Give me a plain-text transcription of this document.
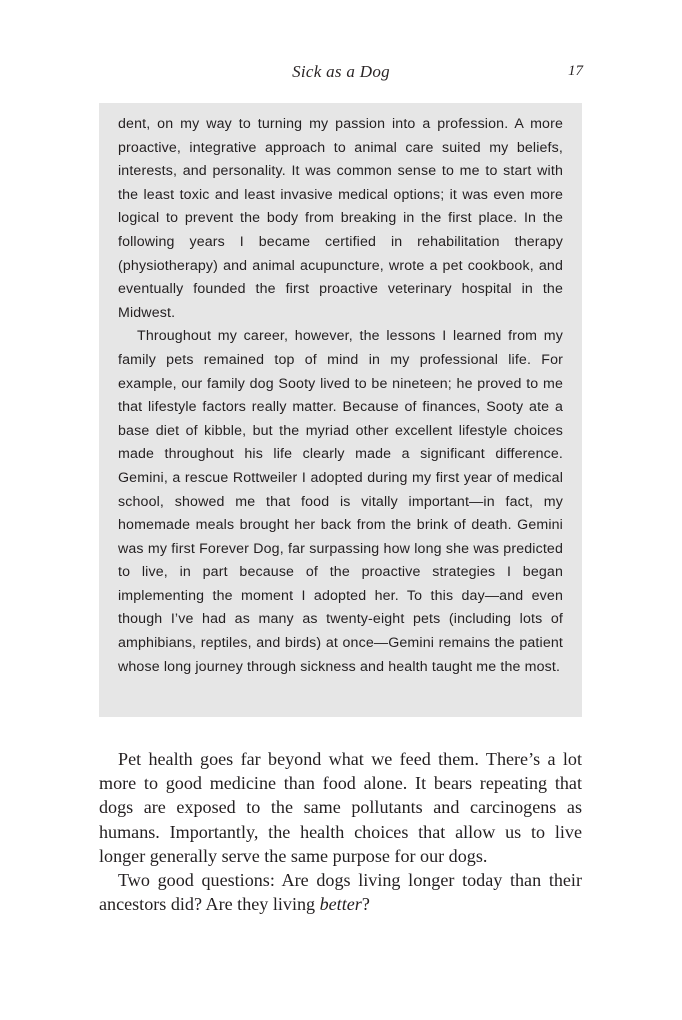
Sick as a Dog	17

dent, on my way to turning my passion into a profession. A more proactive, integrative approach to animal care suited my beliefs, interests, and personality. It was common sense to me to start with the least toxic and least invasive medical options; it was even more logical to prevent the body from breaking in the first place. In the following years I became certified in rehabilitation therapy (physiotherapy) and animal acupuncture, wrote a pet cookbook, and eventually founded the first proactive veterinary hospital in the Midwest.

Throughout my career, however, the lessons I learned from my family pets remained top of mind in my professional life. For example, our family dog Sooty lived to be nineteen; he proved to me that lifestyle factors really matter. Because of finances, Sooty ate a base diet of kibble, but the myriad other excellent lifestyle choices made throughout his life clearly made a significant difference. Gemini, a rescue Rottweiler I adopted during my first year of medical school, showed me that food is vitally important—in fact, my homemade meals brought her back from the brink of death. Gemini was my first Forever Dog, far surpassing how long she was predicted to live, in part because of the proactive strategies I began implementing the moment I adopted her. To this day—and even though I’ve had as many as twenty-eight pets (including lots of amphibians, reptiles, and birds) at once—Gemini remains the patient whose long journey through sickness and health taught me the most.

Pet health goes far beyond what we feed them. There’s a lot more to good medicine than food alone. It bears repeating that dogs are exposed to the same pollutants and carcinogens as humans. Importantly, the health choices that allow us to live longer generally serve the same purpose for our dogs.

Two good questions: Are dogs living longer today than their ancestors did? Are they living better?
